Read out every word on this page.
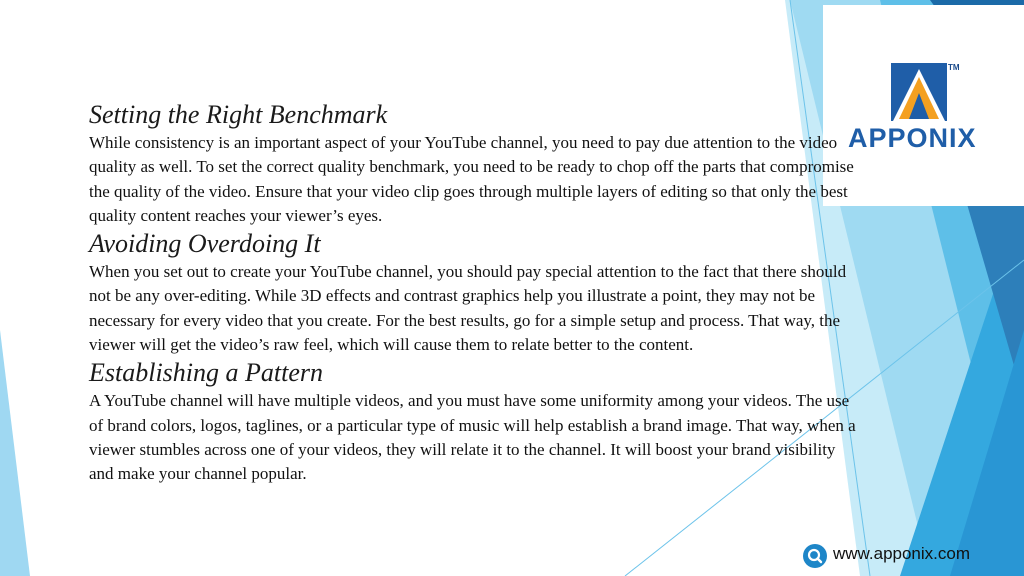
TM
APPONIX
Setting the Right Benchmark

While consistency is an important aspect of your YouTube channel, you need to pay due attention to the video quality as well. To set the correct quality benchmark, you need to be ready to chop off the parts that compromise the quality of the video. Ensure that your video clip goes through multiple layers of editing so that only the best quality content reaches your viewer’s eyes.

Avoiding Overdoing It

When you set out to create your YouTube channel, you should pay special attention to the fact that there should not be any over-editing. While 3D effects and contrast graphics help you illustrate a point, they may not be necessary for every video that you create. For the best results, go for a simple setup and process. That way, the viewer will get the video’s raw feel, which will cause them to relate better to the content.

Establishing a Pattern

A YouTube channel will have multiple videos, and you must have some uniformity among your videos. The use of brand colors, logos, taglines, or a particular type of music will help establish a brand image. That way, when a viewer stumbles across one of your videos, they will relate it to the channel. It will boost your brand visibility and make your channel popular.

www.apponix.com
